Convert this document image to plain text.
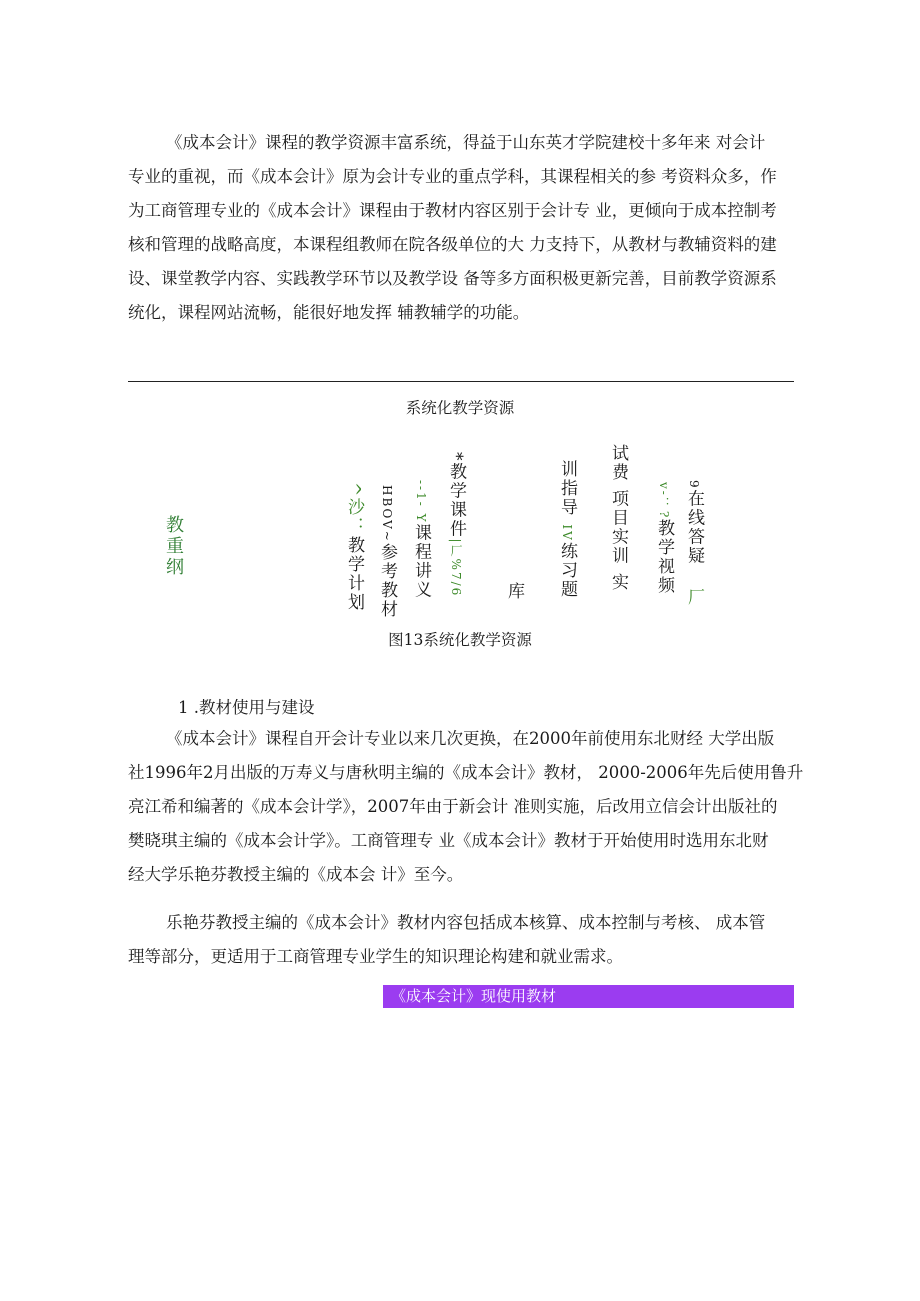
《成本会计》课程的教学资源丰富系统，得益于山东英才学院建校十多年来 对会计
专业的重视，而《成本会计》原为会计专业的重点学科，其课程相关的参 考资料众多，作
为工商管理专业的《成本会计》课程由于教材内容区别于会计专 业，更倾向于成本控制考
核和管理的战略高度，本课程组教师在院各级单位的大 力支持下，从教材与教辅资料的建
设、课堂教学内容、实践教学环节以及教学设 备等多方面积极更新完善，目前教学资源系
统化，课程网站流畅，能很好地发挥 辅教辅学的功能。
系统化教学资源
教重纲
^沙：教学计划
HBOV~参考教材
--1- Y课程讲义
*教学课件|厂%7/6 库
训指导 IV练习题 试费 项目实训 实 v-：?教学视频
9在线答疑厂
图13系统化教学资源
1 .教材使用与建设
《成本会计》课程自开会计专业以来几次更换，在2000年前使用东北财经 大学出版
社1996年2月出版的万寿义与唐秋明主编的《成本会计》教材， 2000-2006年先后使用鲁升
亮江希和编著的《成本会计学》，2007年由于新会计 准则实施，后改用立信会计出版社的
樊晓琪主编的《成本会计学》。工商管理专 业《成本会计》教材于开始使用时选用东北财
经大学乐艳芬教授主编的《成本会 计》至今。
乐艳芬教授主编的《成本会计》教材内容包括成本核算、成本控制与考核、 成本管
理等部分，更适用于工商管理专业学生的知识理论构建和就业需求。
《成本会计》现使用教材
